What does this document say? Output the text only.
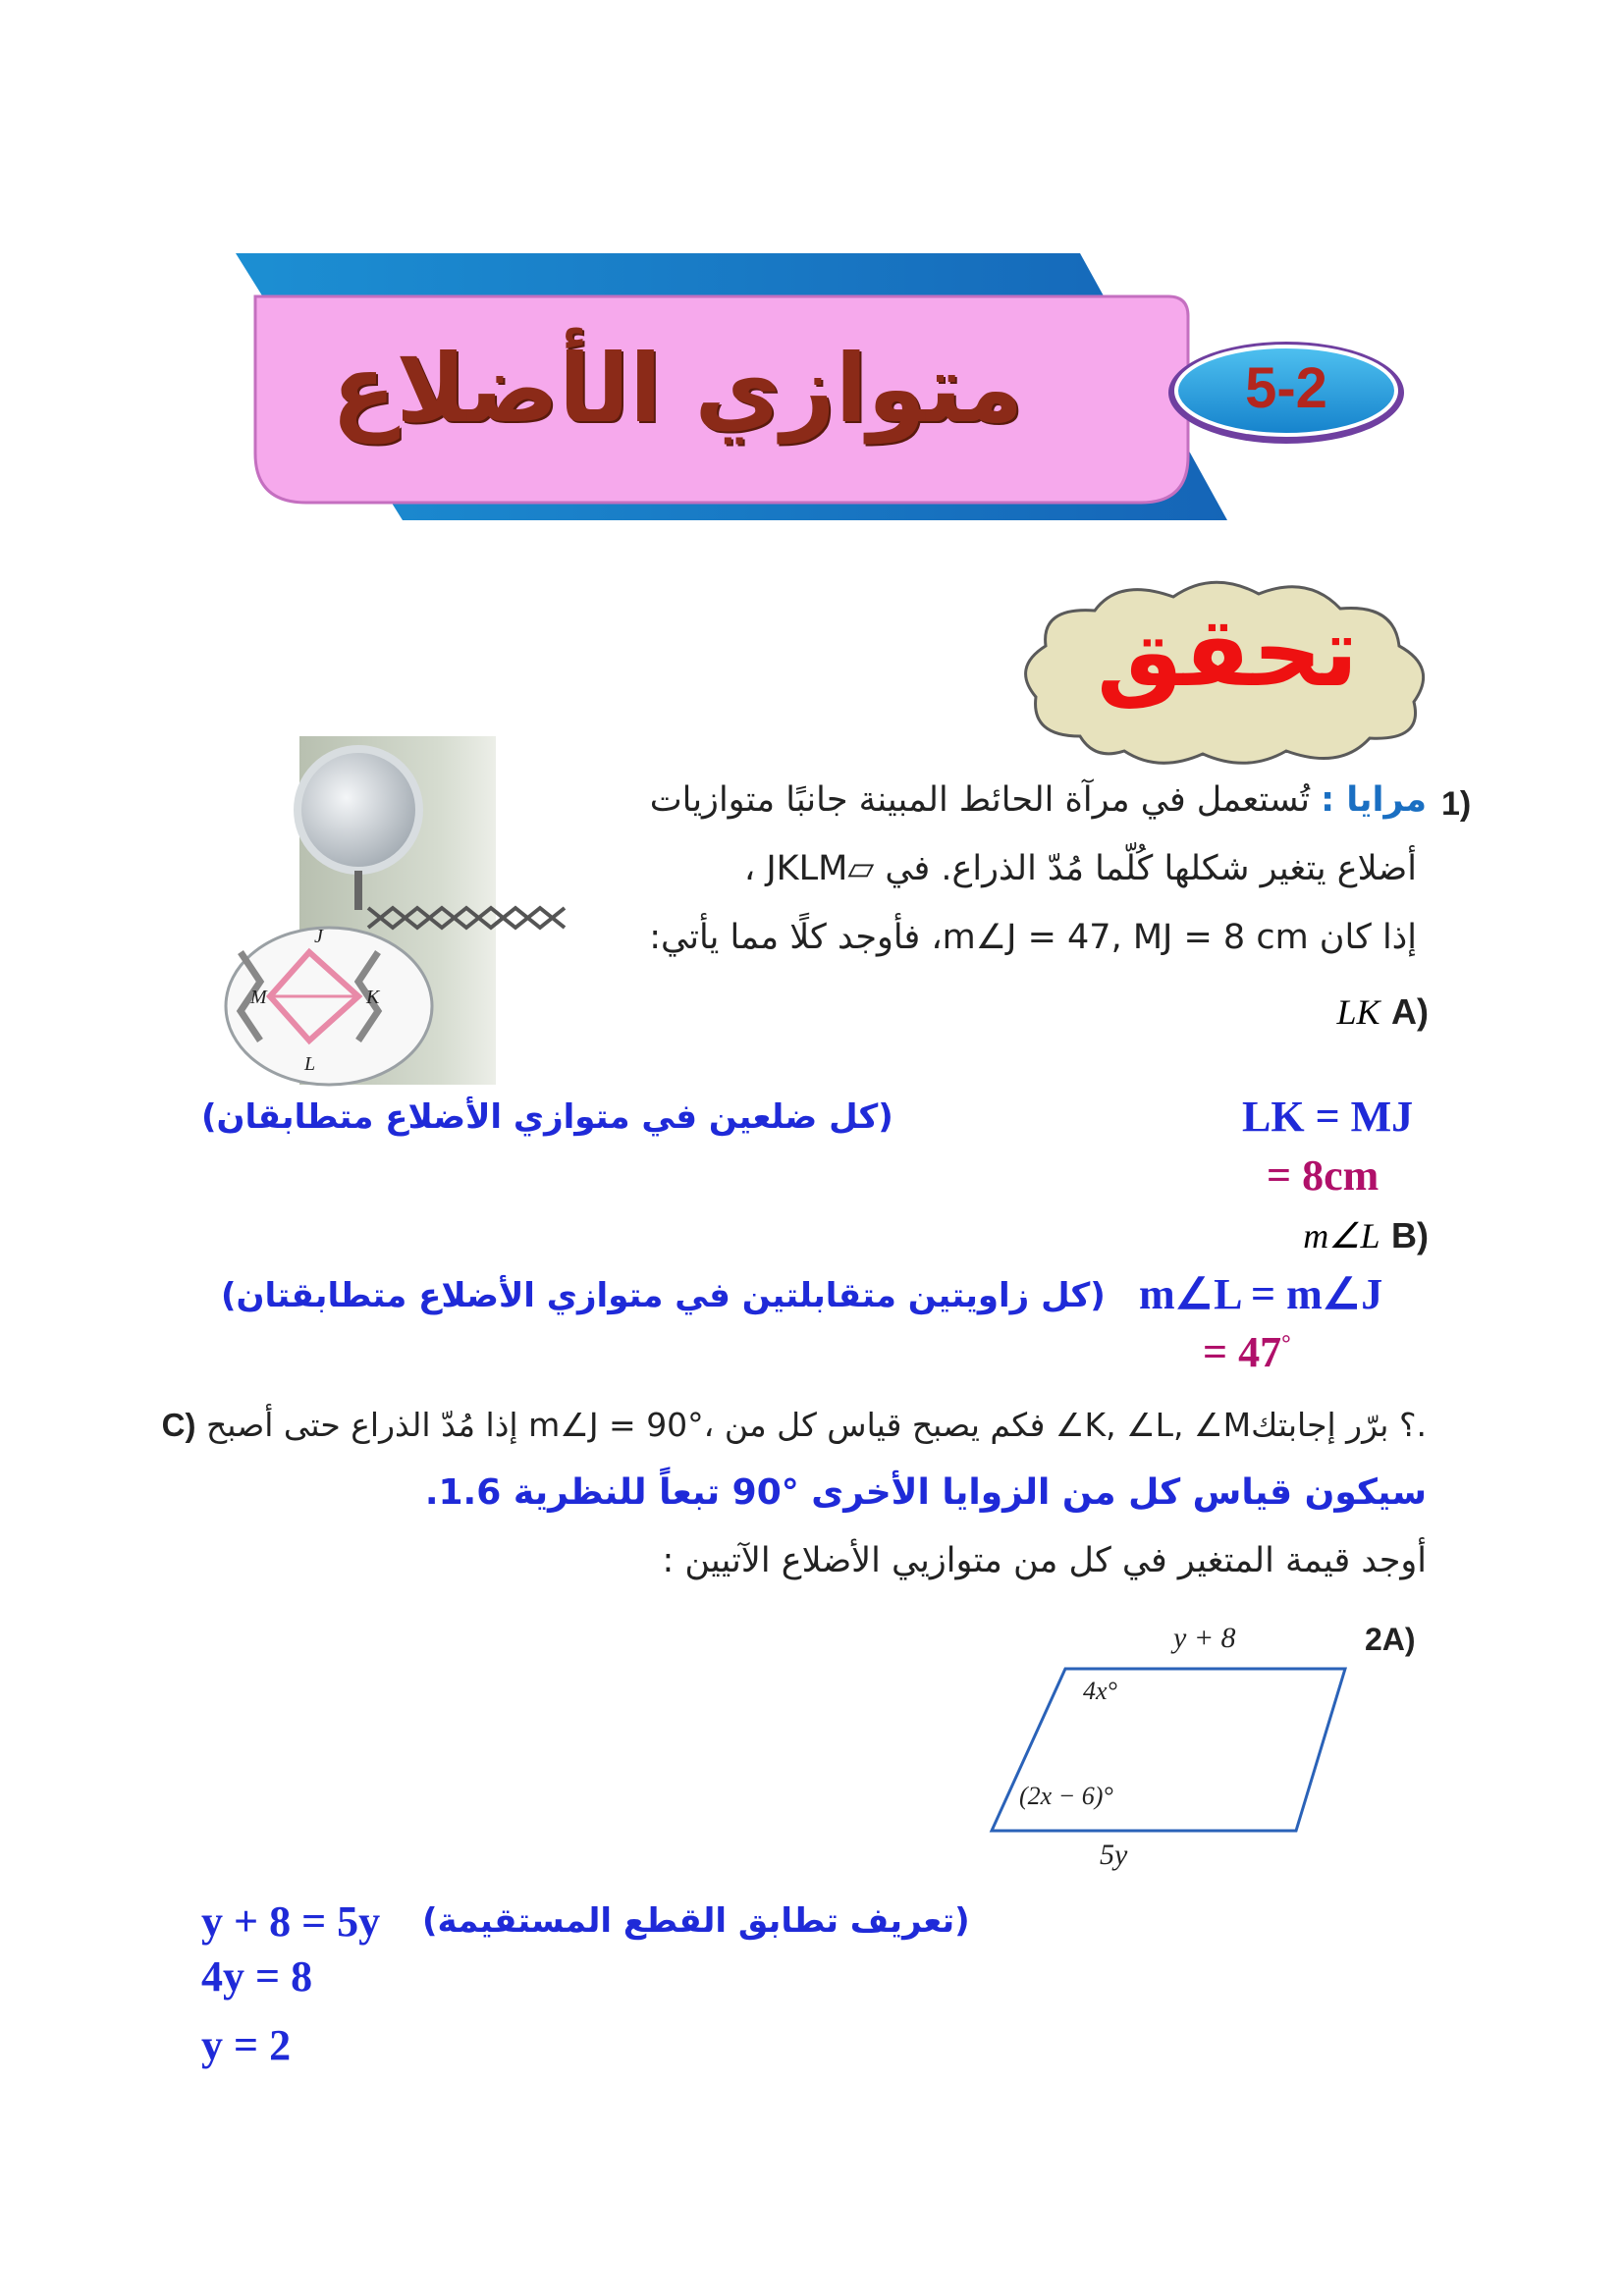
متوازي الأضلاع	5-2
تحقق
J
K
M
L
1)
مرايا : تُستعمل في مرآة الحائط المبينة جانبًا متوازيات
أضلاع يتغير شكلها كُلّما مُدّ الذراع. في ▱JKLM ،
إذا كان m∠J = 47, MJ = 8 cm، فأوجد كلًا مما يأتي:
LK A)
(كل ضلعين في متوازي الأضلاع متطابقان)	LK = MJ
= 8cm
m∠L B)
(كل زاويتين متقابلتين في متوازي الأضلاع متطابقتان) m∠L = m∠J
= 47°
C) إذا مُدّ الذراع حتى أصبح m∠J = 90°، فكم يصبح قياس كل من ∠K, ∠L, ∠M؟ برّر إجابتك.
سيكون قياس كل من الزوايا الأخرى °90 تبعاً للنظرية 1.6.
أوجد قيمة المتغير في كل من متوازيي الأضلاع الآتيين :
2A)
y + 8
4x°
(2x − 6)°
5y
y + 8 = 5y (تعريف تطابق القطع المستقيمة)
4y = 8
y = 2
